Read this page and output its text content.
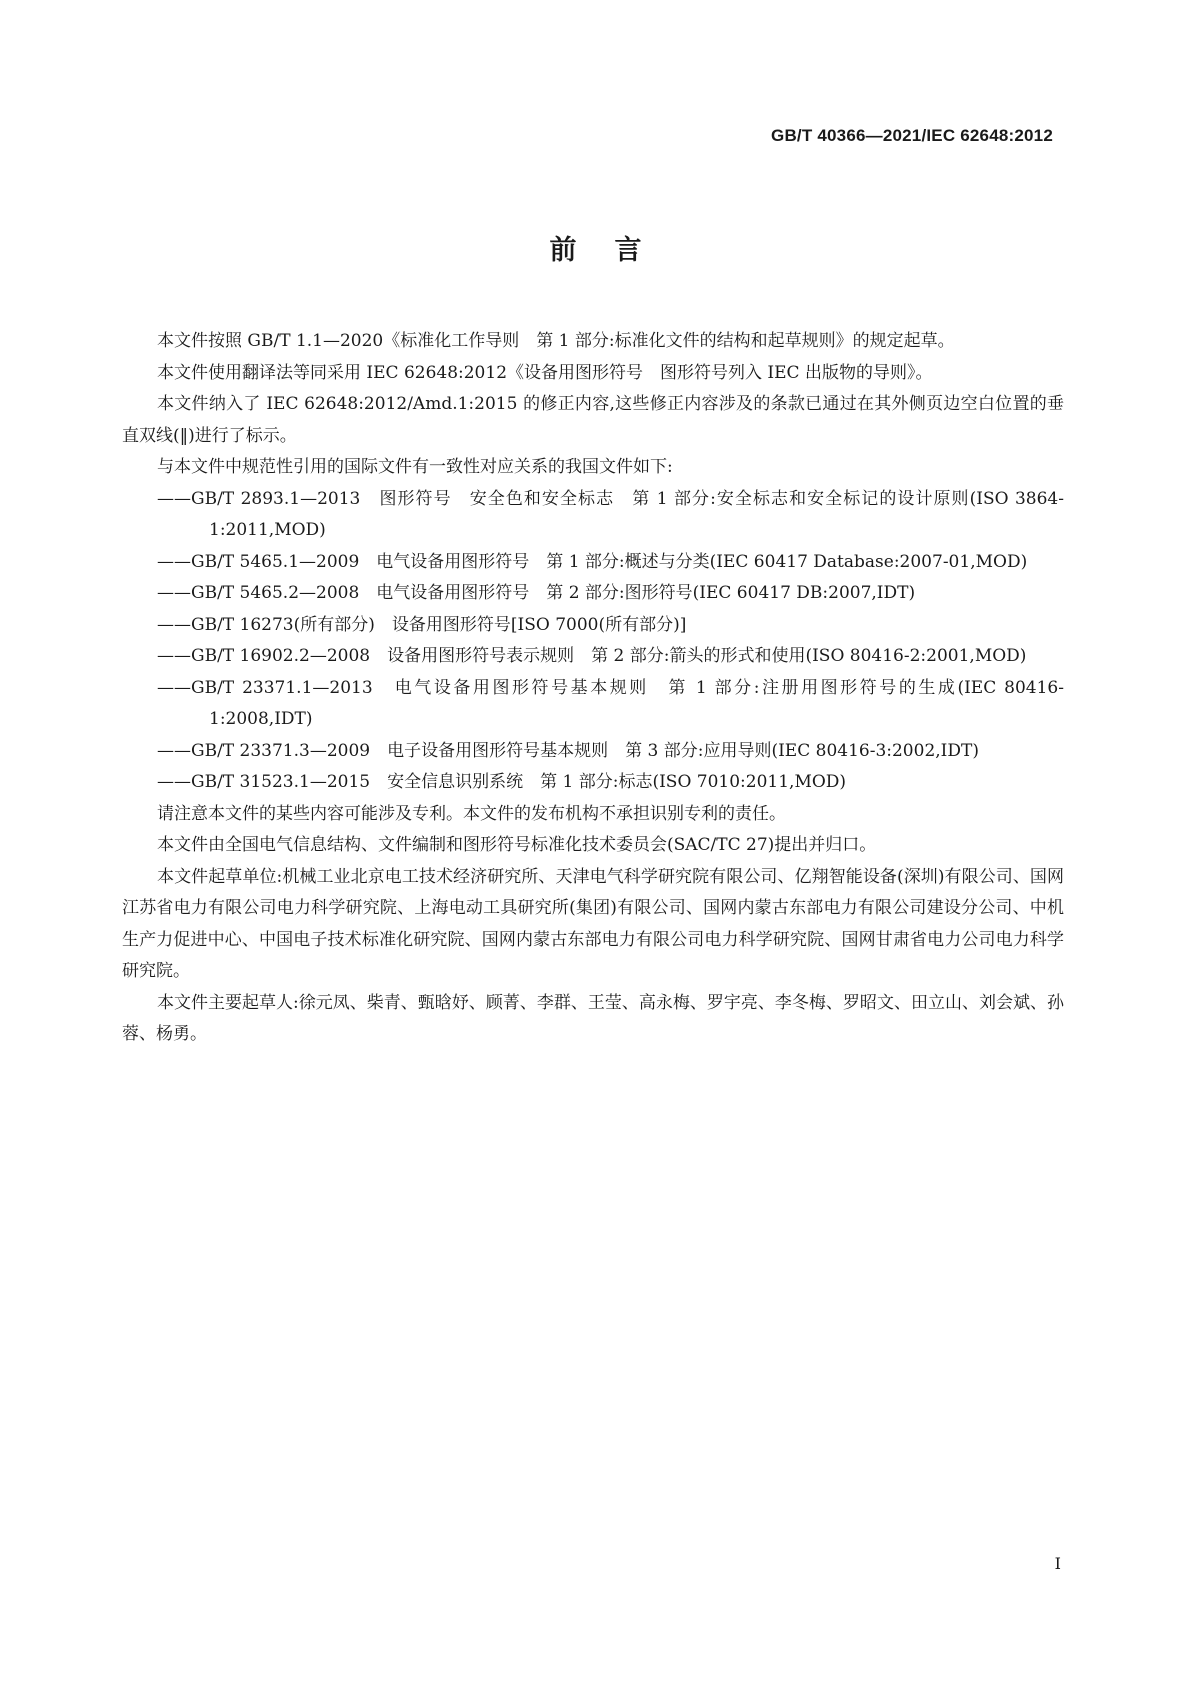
GB/T 40366—2021/IEC 62648:2012
前言

本文件按照 GB/T 1.1—2020《标准化工作导则　第 1 部分:标准化文件的结构和起草规则》的规定起草。

本文件使用翻译法等同采用 IEC 62648:2012《设备用图形符号　图形符号列入 IEC 出版物的导则》。

本文件纳入了 IEC 62648:2012/Amd.1:2015 的修正内容,这些修正内容涉及的条款已通过在其外侧页边空白位置的垂直双线(‖)进行了标示。

与本文件中规范性引用的国际文件有一致性对应关系的我国文件如下:

——GB/T 2893.1—2013　图形符号　安全色和安全标志　第 1 部分:安全标志和安全标记的设计原则(ISO 3864-1:2011,MOD)

——GB/T 5465.1—2009　电气设备用图形符号　第 1 部分:概述与分类(IEC 60417 Database:2007-01,MOD)

——GB/T 5465.2—2008　电气设备用图形符号　第 2 部分:图形符号(IEC 60417 DB:2007,IDT)

——GB/T 16273(所有部分)　设备用图形符号[ISO 7000(所有部分)]

——GB/T 16902.2—2008　设备用图形符号表示规则　第 2 部分:箭头的形式和使用(ISO 80416-2:2001,MOD)

——GB/T 23371.1—2013　电气设备用图形符号基本规则　第 1 部分:注册用图形符号的生成(IEC 80416-1:2008,IDT)

——GB/T 23371.3—2009　电子设备用图形符号基本规则　第 3 部分:应用导则(IEC 80416-3:2002,IDT)

——GB/T 31523.1—2015　安全信息识别系统　第 1 部分:标志(ISO 7010:2011,MOD)

请注意本文件的某些内容可能涉及专利。本文件的发布机构不承担识别专利的责任。

本文件由全国电气信息结构、文件编制和图形符号标准化技术委员会(SAC/TC 27)提出并归口。

本文件起草单位:机械工业北京电工技术经济研究所、天津电气科学研究院有限公司、亿翔智能设备(深圳)有限公司、国网江苏省电力有限公司电力科学研究院、上海电动工具研究所(集团)有限公司、国网内蒙古东部电力有限公司建设分公司、中机生产力促进中心、中国电子技术标准化研究院、国网内蒙古东部电力有限公司电力科学研究院、国网甘肃省电力公司电力科学研究院。

本文件主要起草人:徐元凤、柴青、甄晗妤、顾菁、李群、王莹、高永梅、罗宇亮、李冬梅、罗昭文、田立山、刘会斌、孙蓉、杨勇。

I
